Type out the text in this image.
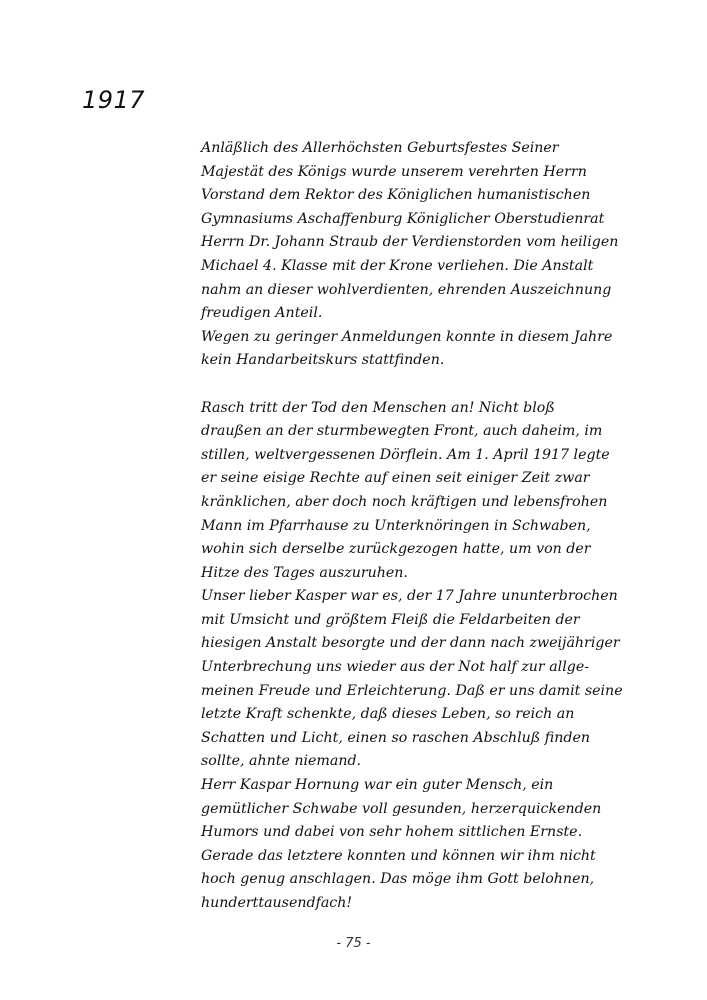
1917
Anläßlich des Allerhöchsten Geburtsfestes Seiner
Majestät des Königs wurde unserem verehrten Herrn
Vorstand dem Rektor des Königlichen humanistischen
Gymnasiums Aschaffenburg Königlicher Oberstudienrat
Herrn Dr. Johann Straub der Verdienstorden vom heiligen
Michael 4. Klasse mit der Krone verliehen. Die Anstalt
nahm an dieser wohlverdienten, ehrenden Auszeichnung
freudigen Anteil.
Wegen zu geringer Anmeldungen konnte in diesem Jahre
kein Handarbeitskurs stattfinden.
Rasch tritt der Tod den Menschen an! Nicht bloß
draußen an der sturmbewegten Front, auch daheim, im
stillen, weltvergessenen Dörflein. Am 1. April 1917 legte
er seine eisige Rechte auf einen seit einiger Zeit zwar
kränklichen, aber doch noch kräftigen und lebensfrohen
Mann im Pfarrhause zu Unterknöringen in Schwaben,
wohin sich derselbe zurückgezogen hatte, um von der
Hitze des Tages auszuruhen.
Unser lieber Kasper war es, der 17 Jahre ununterbrochen
mit Umsicht und größtem Fleiß die Feldarbeiten der
hiesigen Anstalt besorgte und der dann nach zweijähriger
Unterbrechung uns wieder aus der Not half zur allge-
meinen Freude und Erleichterung. Daß er uns damit seine
letzte Kraft schenkte, daß dieses Leben, so reich an
Schatten und Licht, einen so raschen Abschluß finden
sollte, ahnte niemand.
Herr Kaspar Hornung war ein guter Mensch, ein
gemütlicher Schwabe voll gesunden, herzerquickenden
Humors und dabei von sehr hohem sittlichen Ernste.
Gerade das letztere konnten und können wir ihm nicht
hoch genug anschlagen. Das möge ihm Gott belohnen,
hunderttausendfach!
- 75 -
